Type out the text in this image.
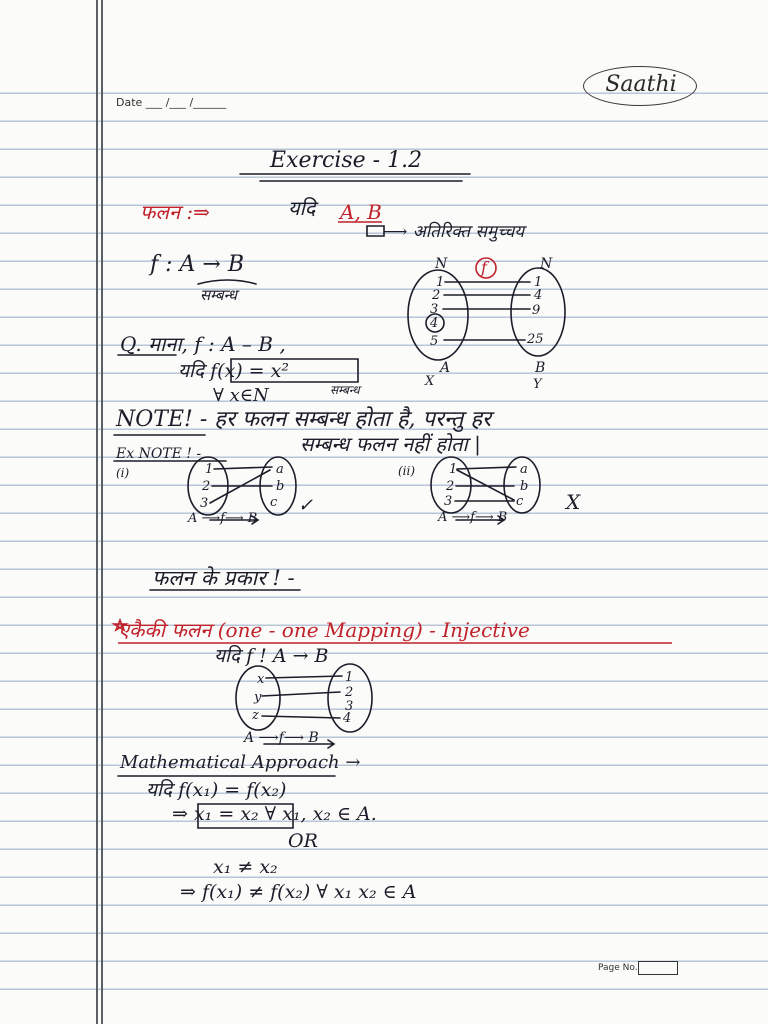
Saathi
Date ___ /___ /______
Exercise - 1.2
फलन :⇒	यदि A, B
⟶ अतिरिक्त समुच्चय
f : A → B
सम्बन्ध
N f	N
1
2
3
4
5
1
4
9
25
A	B
X	Y
Q. माना, f : A – B ,
यदि f(x) = x²
सम्बन्ध
∀ x∈N
NOTE! - हर फलन सम्बन्ध होता है, परन्तु हर
सम्बन्ध फलन नहीं होता |
Ex NOTE ! -
(i)	1
2
3
a
b
c
A ⟶f⟶ B
✓
(ii)	1
2
3
a
b
c
A ⟶f⟶ B
X
फलन के प्रकार ! -
एकैकी फलन (one - one Mapping) - Injective
यदि f ! A → B
x
y
z
1
2
3
4
A ⟶f⟶ B
Mathematical Approach →
यदि f(x₁) = f(x₂)
⇒ x₁ = x₂ ∀ x₁, x₂ ∈ A.
OR
x₁ ≠ x₂
⇒ f(x₁) ≠ f(x₂) ∀ x₁ x₂ ∈ A
Page No.
